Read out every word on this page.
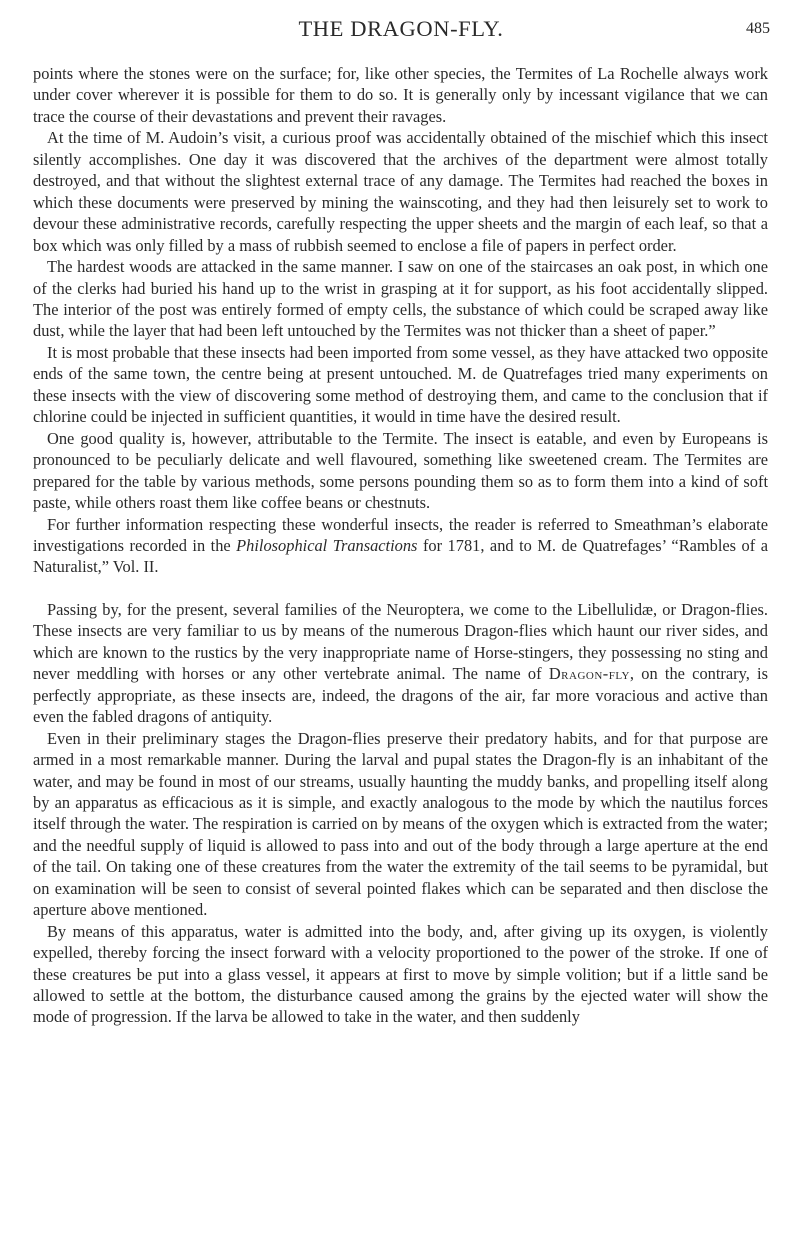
THE DRAGON-FLY.	485

points where the stones were on the surface; for, like other species, the Termites of La Rochelle always work under cover wherever it is possible for them to do so. It is generally only by incessant vigilance that we can trace the course of their devastations and prevent their ravages.

At the time of M. Audoin’s visit, a curious proof was accidentally obtained of the mischief which this insect silently accomplishes. One day it was discovered that the archives of the department were almost totally destroyed, and that without the slightest external trace of any damage. The Termites had reached the boxes in which these documents were preserved by mining the wainscoting, and they had then leisurely set to work to devour these administrative records, carefully respecting the upper sheets and the margin of each leaf, so that a box which was only filled by a mass of rubbish seemed to enclose a file of papers in perfect order.

The hardest woods are attacked in the same manner. I saw on one of the staircases an oak post, in which one of the clerks had buried his hand up to the wrist in grasping at it for support, as his foot accidentally slipped. The interior of the post was entirely formed of empty cells, the substance of which could be scraped away like dust, while the layer that had been left untouched by the Termites was not thicker than a sheet of paper.”

It is most probable that these insects had been imported from some vessel, as they have attacked two opposite ends of the same town, the centre being at present untouched. M. de Quatrefages tried many experiments on these insects with the view of discovering some method of destroying them, and came to the conclusion that if chlorine could be injected in sufficient quantities, it would in time have the desired result.

One good quality is, however, attributable to the Termite. The insect is eatable, and even by Europeans is pronounced to be peculiarly delicate and well flavoured, something like sweetened cream. The Termites are prepared for the table by various methods, some persons pounding them so as to form them into a kind of soft paste, while others roast them like coffee beans or chestnuts.

For further information respecting these wonderful insects, the reader is referred to Smeathman’s elaborate investigations recorded in the Philosophical Transactions for 1781, and to M. de Quatrefages’ “Rambles of a Naturalist,” Vol. II.

Passing by, for the present, several families of the Neuroptera, we come to the Libellulidæ, or Dragon-flies. These insects are very familiar to us by means of the numerous Dragon-flies which haunt our river sides, and which are known to the rustics by the very inappropriate name of Horse-stingers, they possessing no sting and never meddling with horses or any other vertebrate animal. The name of Dragon-fly, on the contrary, is perfectly appropriate, as these insects are, indeed, the dragons of the air, far more voracious and active than even the fabled dragons of antiquity.

Even in their preliminary stages the Dragon-flies preserve their predatory habits, and for that purpose are armed in a most remarkable manner. During the larval and pupal states the Dragon-fly is an inhabitant of the water, and may be found in most of our streams, usually haunting the muddy banks, and propelling itself along by an apparatus as efficacious as it is simple, and exactly analogous to the mode by which the nautilus forces itself through the water. The respiration is carried on by means of the oxygen which is extracted from the water; and the needful supply of liquid is allowed to pass into and out of the body through a large aperture at the end of the tail. On taking one of these creatures from the water the extremity of the tail seems to be pyramidal, but on examination will be seen to consist of several pointed flakes which can be separated and then disclose the aperture above mentioned.

By means of this apparatus, water is admitted into the body, and, after giving up its oxygen, is violently expelled, thereby forcing the insect forward with a velocity proportioned to the power of the stroke. If one of these creatures be put into a glass vessel, it appears at first to move by simple volition; but if a little sand be allowed to settle at the bottom, the disturbance caused among the grains by the ejected water will show the mode of progression. If the larva be allowed to take in the water, and then suddenly
